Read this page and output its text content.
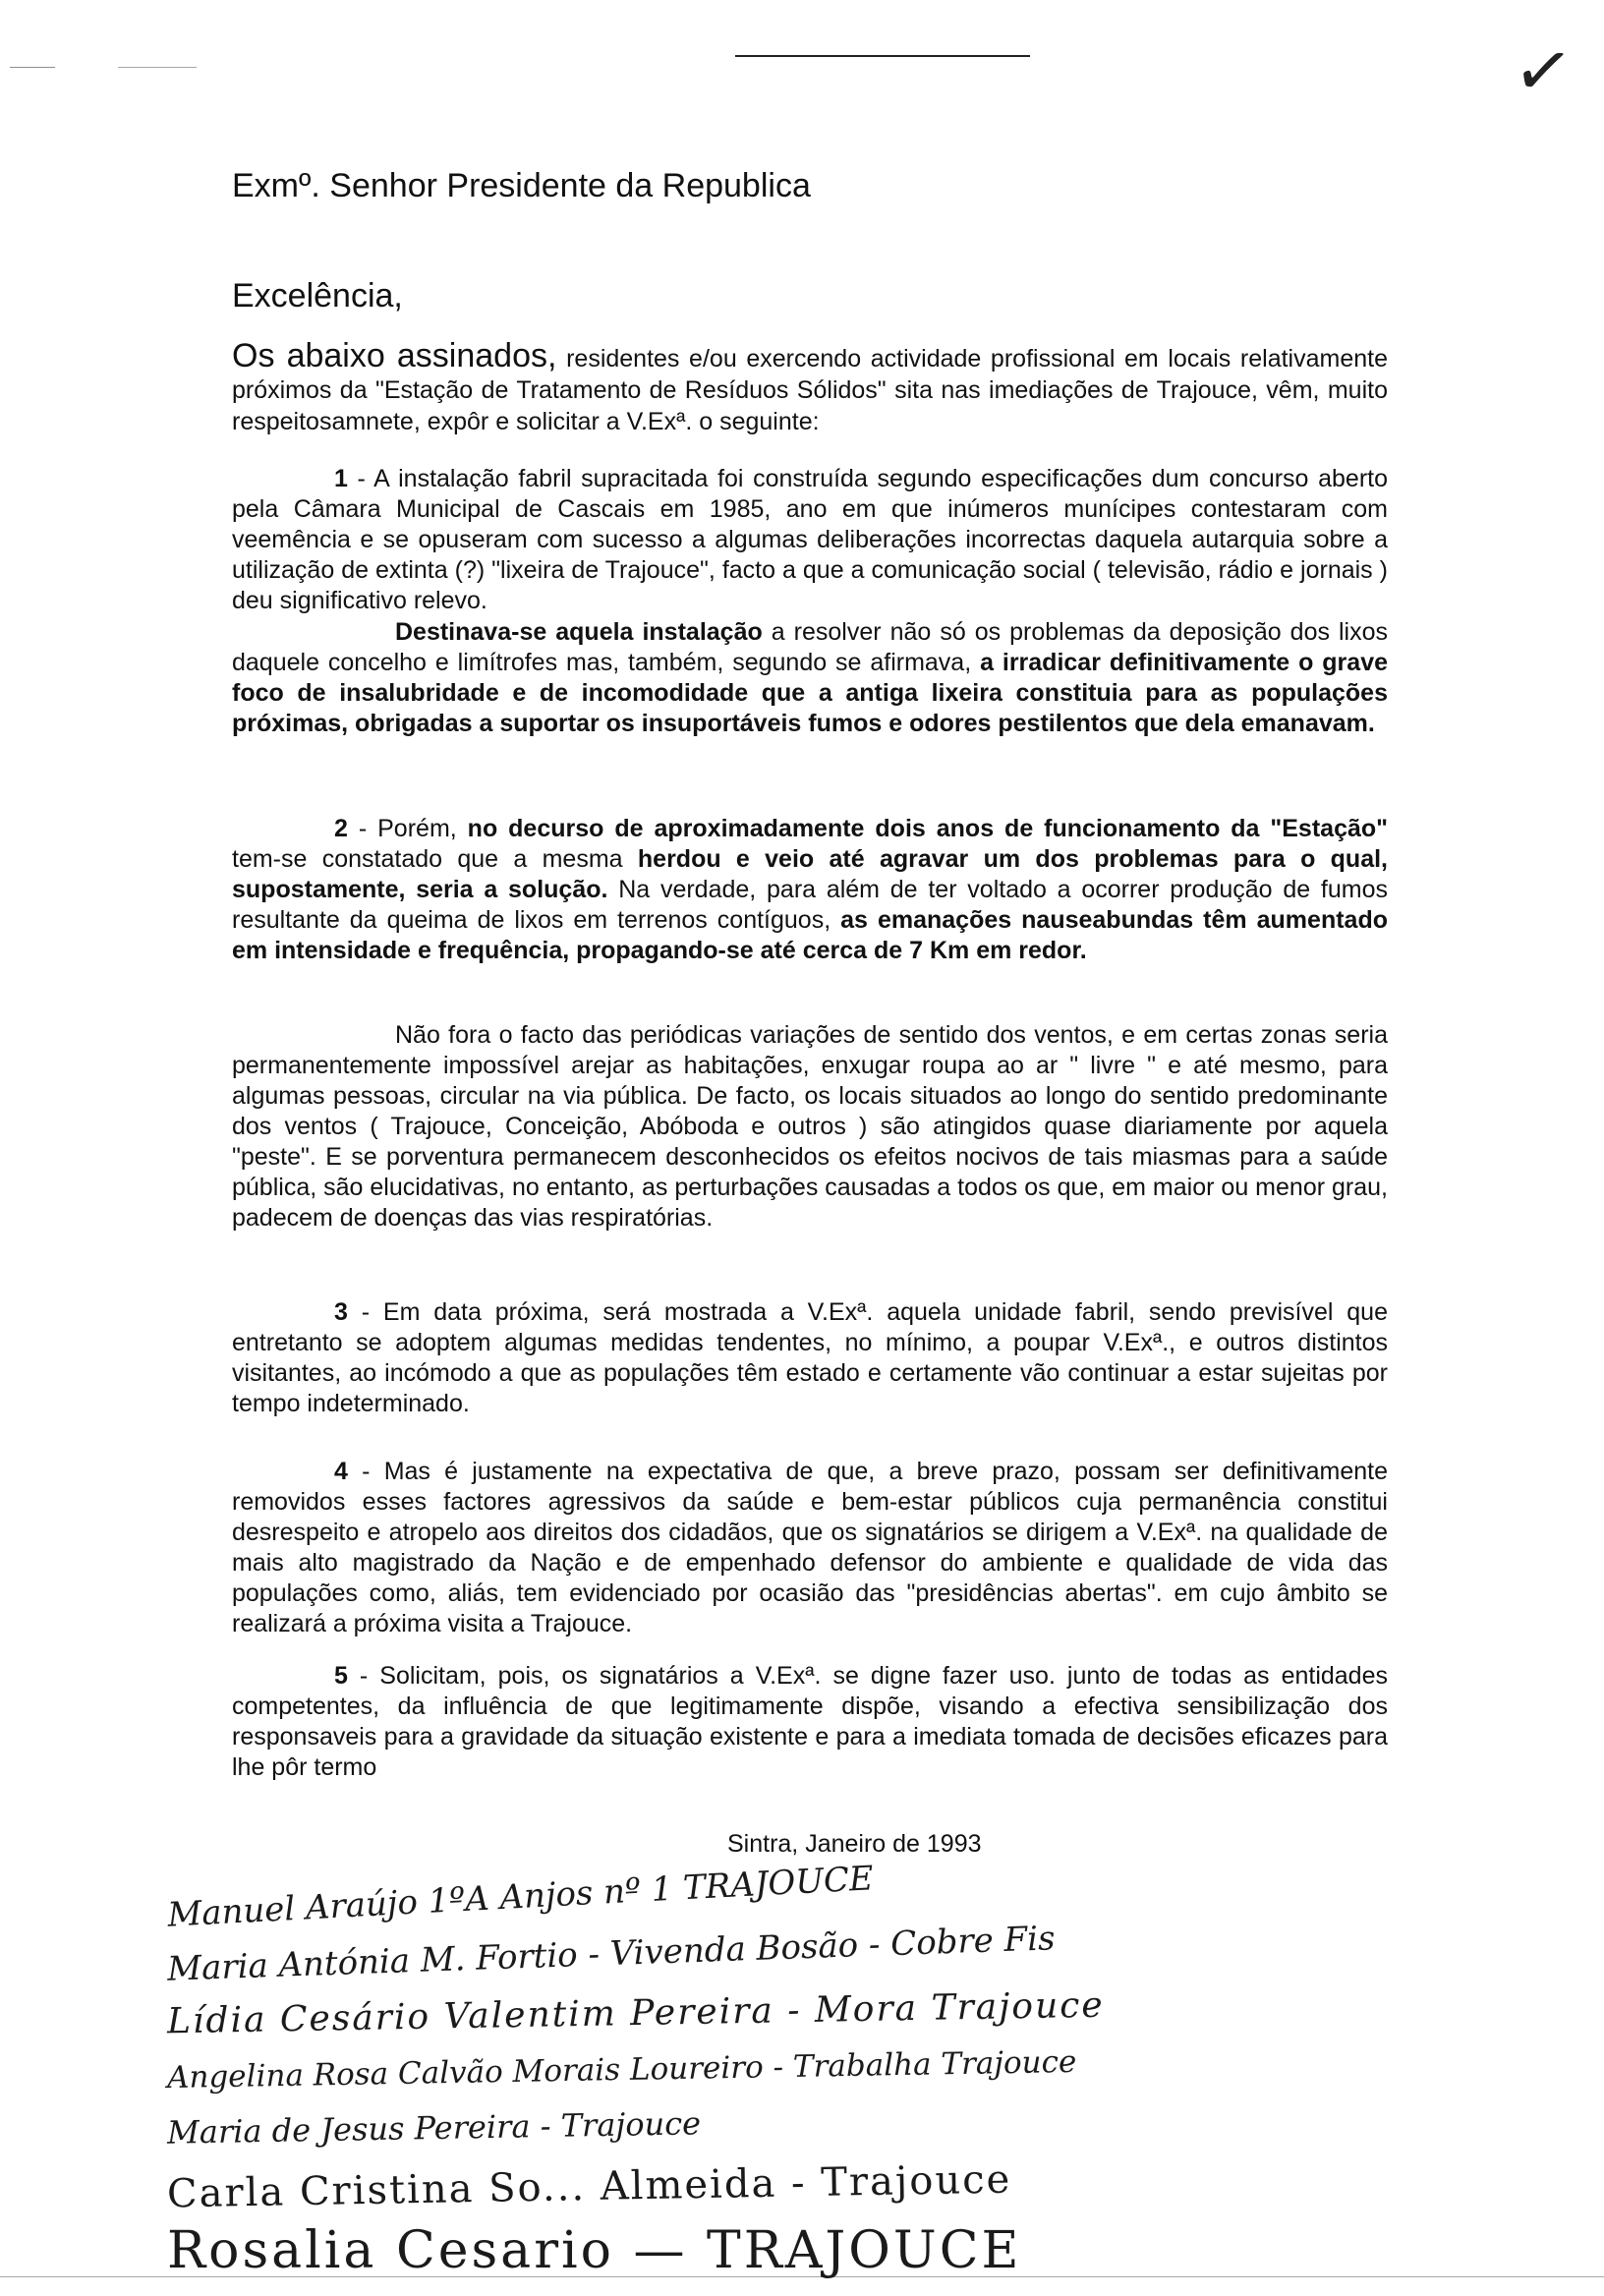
✓

Exmº. Senhor Presidente da Republica

Excelência,

Os abaixo assinados, residentes e/ou exercendo actividade profissional em locais relativamente próximos da "Estação de Tratamento de Resíduos Sólidos" sita nas imediações de Trajouce, vêm, muito respeitosamnete, expôr e solicitar a V.Exª. o seguinte:

1 - A instalação fabril supracitada foi construída segundo especificações dum concurso aberto pela Câmara Municipal de Cascais em 1985, ano em que inúmeros munícipes contestaram com veemência e se opuseram com sucesso a algumas deliberações incorrectas daquela autarquia sobre a utilização de extinta (?) "lixeira de Trajouce", facto a que a comunicação social ( televisão, rádio e jornais ) deu significativo relevo.

Destinava-se aquela instalação a resolver não só os problemas da deposição dos lixos daquele concelho e limítrofes mas, também, segundo se afirmava, a irradicar definitivamente o grave foco de insalubridade e de incomodidade que a antiga lixeira constituia para as populações próximas, obrigadas a suportar os insuportáveis fumos e odores pestilentos que dela emanavam.

2 - Porém, no decurso de aproximadamente dois anos de funcionamento da "Estação" tem-se constatado que a mesma herdou e veio até agravar um dos problemas para o qual, supostamente, seria a solução. Na verdade, para além de ter voltado a ocorrer produção de fumos resultante da queima de lixos em terrenos contíguos, as emanações nauseabundas têm aumentado em intensidade e frequência, propagando-se até cerca de 7 Km em redor.

Não fora o facto das periódicas variações de sentido dos ventos, e em certas zonas seria permanentemente impossível arejar as habitações, enxugar roupa ao ar " livre " e até mesmo, para algumas pessoas, circular na via pública. De facto, os locais situados ao longo do sentido predominante dos ventos ( Trajouce, Conceição, Abóboda e outros ) são atingidos quase diariamente por aquela "peste". E se porventura permanecem desconhecidos os efeitos nocivos de tais miasmas para a saúde pública, são elucidativas, no entanto, as perturbações causadas a todos os que, em maior ou menor grau, padecem de doenças das vias respiratórias.

3 - Em data próxima, será mostrada a V.Exª. aquela unidade fabril, sendo previsível que entretanto se adoptem algumas medidas tendentes, no mínimo, a poupar V.Exª., e outros distintos visitantes, ao incómodo a que as populações têm estado e certamente vão continuar a estar sujeitas por tempo indeterminado.

4 - Mas é justamente na expectativa de que, a breve prazo, possam ser definitivamente removidos esses factores agressivos da saúde e bem-estar públicos cuja permanência constitui desrespeito e atropelo aos direitos dos cidadãos, que os signatários se dirigem a V.Exª. na qualidade de mais alto magistrado da Nação e de empenhado defensor do ambiente e qualidade de vida das populações como, aliás, tem evidenciado por ocasião das "presidências abertas". em cujo âmbito se realizará a próxima visita a Trajouce.

5 - Solicitam, pois, os signatários a V.Exª. se digne fazer uso. junto de todas as entidades competentes, da influência de que legitimamente dispõe, visando a efectiva sensibilização dos responsaveis para a gravidade da situação existente e para a imediata tomada de decisões eficazes para lhe pôr termo

Sintra, Janeiro de 1993

Manuel Araújo 1ºA Anjos nº 1 TRAJOUCE
Maria Antónia M. Fortio - Vivenda Bosão - Cobre Fis
Lídia Cesário Valentim Pereira - Mora Trajouce
Angelina Rosa Calvão Morais Loureiro - Trabalha Trajouce
Maria de Jesus Pereira - Trajouce
Carla Cristina So... Almeida - Trajouce
Rosalia Cesario — TRAJOUCE
